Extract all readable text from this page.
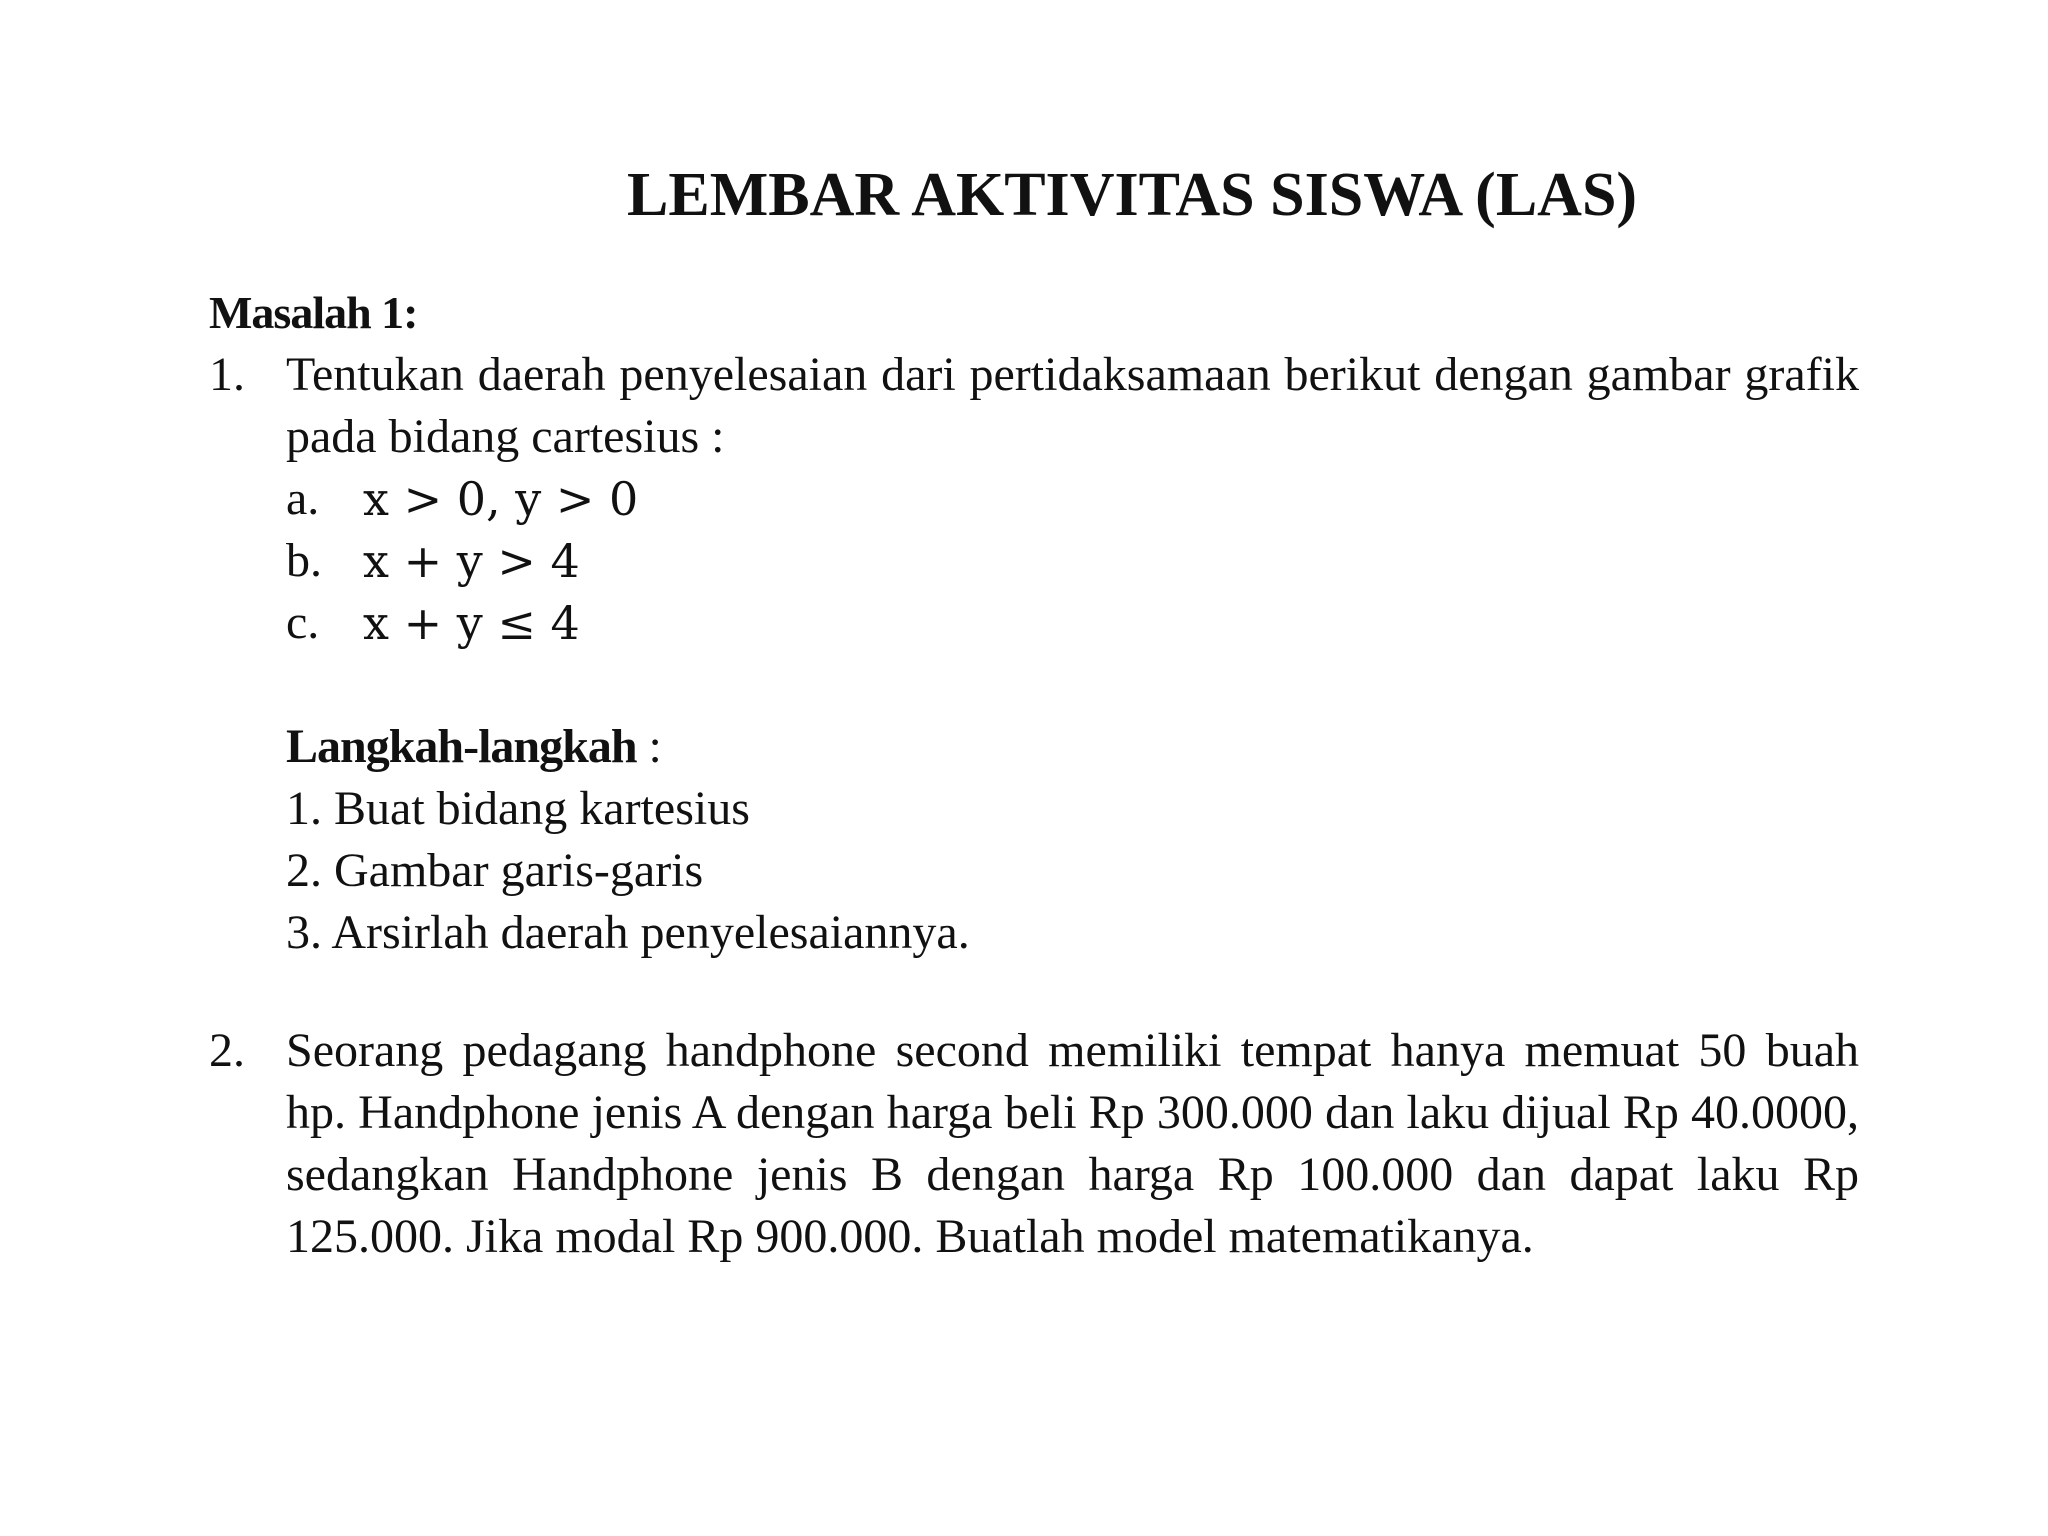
LEMBAR AKTIVITAS SISWA (LAS)
Masalah 1:
1. Tentukan daerah penyelesaian dari pertidaksamaan berikut dengan gambar grafik pada bidang cartesius :
a. x > 0, y > 0
b. x + y > 4
c. x + y ≤ 4
Langkah-langkah :
1. Buat bidang kartesius
2. Gambar garis-garis
3. Arsirlah daerah penyelesaiannya.
2. Seorang pedagang handphone second memiliki tempat hanya memuat 50 buah hp. Handphone jenis A dengan harga beli Rp 300.000 dan laku dijual Rp 40.0000, sedangkan Handphone jenis B dengan harga Rp 100.000 dan dapat laku Rp 125.000. Jika modal Rp 900.000. Buatlah model matematikanya.
